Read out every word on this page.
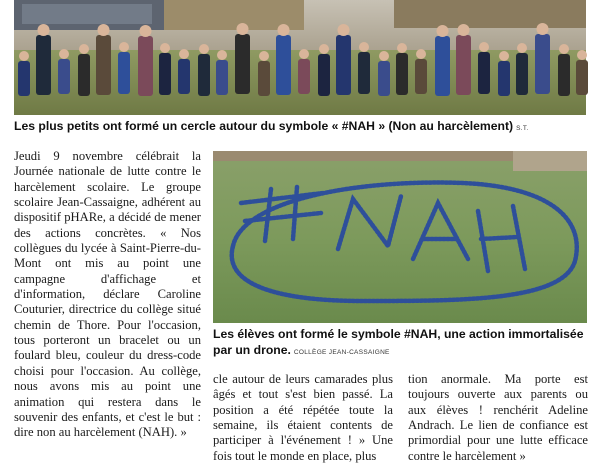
Les plus petits ont formé un cercle autour du symbole « #NAH » (Non au harcèlement) S.T.

Jeudi 9 novembre célébrait la Journée nationale de lutte contre le harcèlement scolaire. Le groupe scolaire Jean-Cassaigne, adhérent au dispositif pHARe, a décidé de mener des actions concrètes. « Nos collègues du lycée à Saint-Pierre-du-Mont ont mis au point une campagne d'affichage et d'information, déclare Caroline Couturier, directrice du collège situé chemin de Thore. Pour l'occasion, tous porteront un bracelet ou un foulard bleu, couleur du dress-code choisi pour l'occasion. Au collège, nous avons mis au point une animation qui restera dans le souvenir des enfants, et c'est le but : dire non au harcèlement (NAH). »

Les élèves ont formé le symbole #NAH, une action immortalisée par un drone. COLLÈGE JEAN-CASSAIGNE

cle autour de leurs camarades plus âgés et tout s'est bien passé. La position a été répétée toute la semaine, ils étaient contents de participer à l'événement ! » Une fois tout le monde en place, plus

tion anormale. Ma porte est toujours ouverte aux parents ou aux élèves ! renchérit Adeline Andrach. Le lien de confiance est primordial pour une lutte efficace contre le harcèlement »
